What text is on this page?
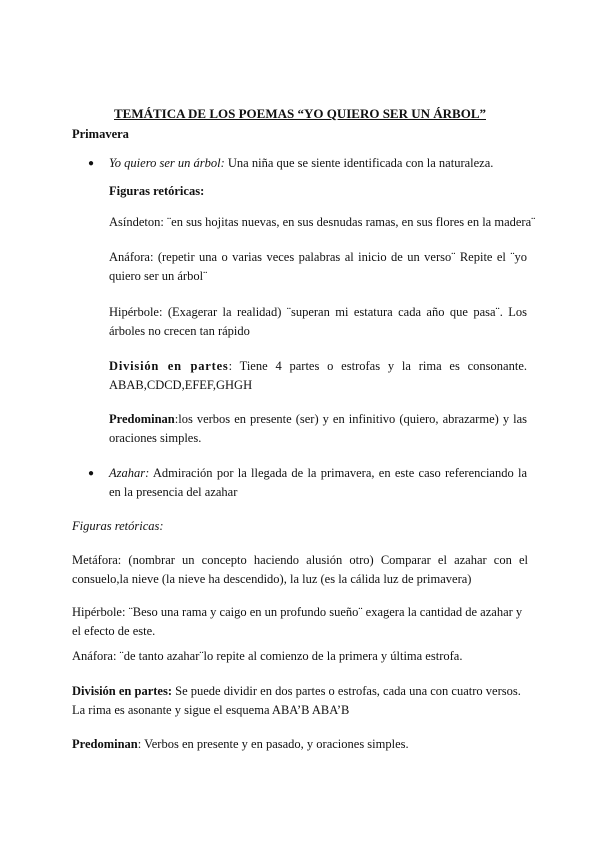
TEMÁTICA DE LOS POEMAS “YO QUIERO SER UN ÁRBOL”

Primavera

● Yo quiero ser un árbol: Una niña que se siente identificada con la naturaleza.

Figuras retóricas:

Asíndeton: ¨en sus hojitas nuevas, en sus desnudas ramas, en sus flores en la madera¨

Anáfora: (repetir una o varias veces palabras al inicio de un verso¨ Repite el ¨yo quiero ser un árbol¨

Hipérbole: (Exagerar la realidad) ¨superan mi estatura cada año que pasa¨. Los árboles no crecen tan rápido

División en partes: Tiene 4 partes o estrofas y la rima es consonante. ABAB,CDCD,EFEF,GHGH

Predominan:los verbos en presente (ser) y en infinitivo (quiero, abrazarme) y las oraciones simples.

● Azahar: Admiración por la llegada de la primavera, en este caso referenciando la en la presencia del azahar

Figuras retóricas:

Metáfora: (nombrar un concepto haciendo alusión otro) Comparar el azahar con el consuelo,la nieve (la nieve ha descendido), la luz (es la cálida luz de primavera)

Hipérbole: ¨Beso una rama y caigo en un profundo sueño¨ exagera la cantidad de azahar y el efecto de este.

Anáfora: ¨de tanto azahar¨lo repite al comienzo de la primera y última estrofa.

División en partes: Se puede dividir en dos partes o estrofas, cada una con cuatro versos. La rima es asonante y sigue el esquema ABA’B ABA’B

Predominan: Verbos en presente y en pasado, y oraciones simples.
